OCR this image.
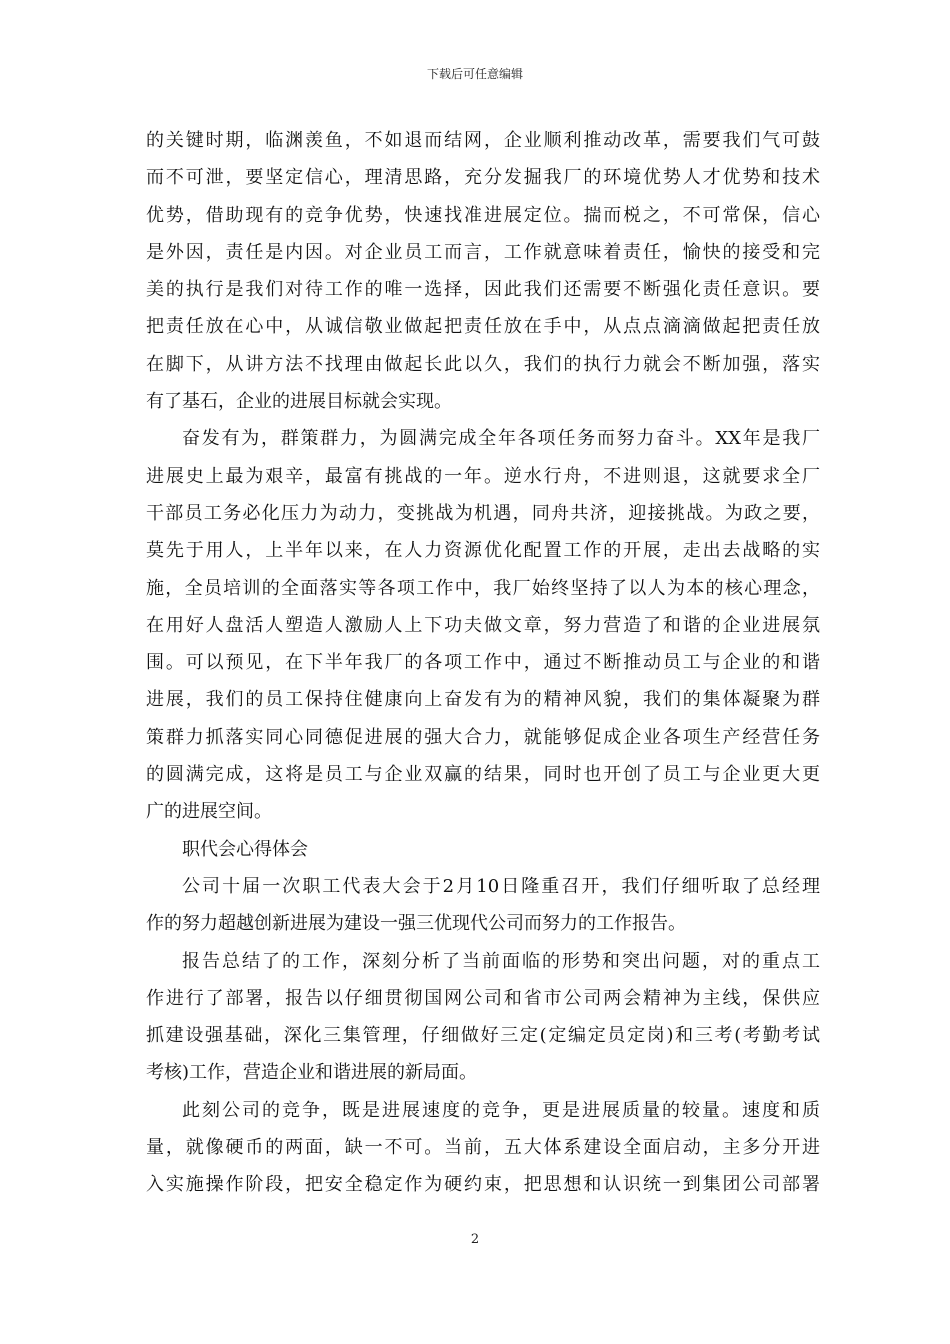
下载后可任意编辑
的关键时期，临渊羡鱼，不如退而结网，企业顺利推动改革，需要我们气可鼓
而不可泄，要坚定信心，理清思路，充分发掘我厂的环境优势人才优势和技术
优势，借助现有的竞争优势，快速找准进展定位。揣而棁之，不可常保，信心
是外因，责任是内因。对企业员工而言，工作就意味着责任，愉快的接受和完
美的执行是我们对待工作的唯一选择，因此我们还需要不断强化责任意识。要
把责任放在心中，从诚信敬业做起把责任放在手中，从点点滴滴做起把责任放
在脚下，从讲方法不找理由做起长此以久，我们的执行力就会不断加强，落实
有了基石，企业的进展目标就会实现。
奋发有为，群策群力，为圆满完成全年各项任务而努力奋斗。XX年是我厂
进展史上最为艰辛，最富有挑战的一年。逆水行舟，不进则退，这就要求全厂
干部员工务必化压力为动力，变挑战为机遇，同舟共济，迎接挑战。为政之要，
莫先于用人，上半年以来，在人力资源优化配置工作的开展，走出去战略的实
施，全员培训的全面落实等各项工作中，我厂始终坚持了以人为本的核心理念，
在用好人盘活人塑造人激励人上下功夫做文章，努力营造了和谐的企业进展氛
围。可以预见，在下半年我厂的各项工作中，通过不断推动员工与企业的和谐
进展，我们的员工保持住健康向上奋发有为的精神风貌，我们的集体凝聚为群
策群力抓落实同心同德促进展的强大合力，就能够促成企业各项生产经营任务
的圆满完成，这将是员工与企业双赢的结果，同时也开创了员工与企业更大更
广的进展空间。
职代会心得体会
公司十届一次职工代表大会于2月10日隆重召开，我们仔细听取了总经理
作的努力超越创新进展为建设一强三优现代公司而努力的工作报告。
报告总结了的工作，深刻分析了当前面临的形势和突出问题，对的重点工
作进行了部署，报告以仔细贯彻国网公司和省市公司两会精神为主线，保供应
抓建设强基础，深化三集管理，仔细做好三定(定编定员定岗)和三考(考勤考试
考核)工作，营造企业和谐进展的新局面。
此刻公司的竞争，既是进展速度的竞争，更是进展质量的较量。速度和质
量，就像硬币的两面，缺一不可。当前，五大体系建设全面启动，主多分开进
入实施操作阶段，把安全稳定作为硬约束，把思想和认识统一到集团公司部署
2
